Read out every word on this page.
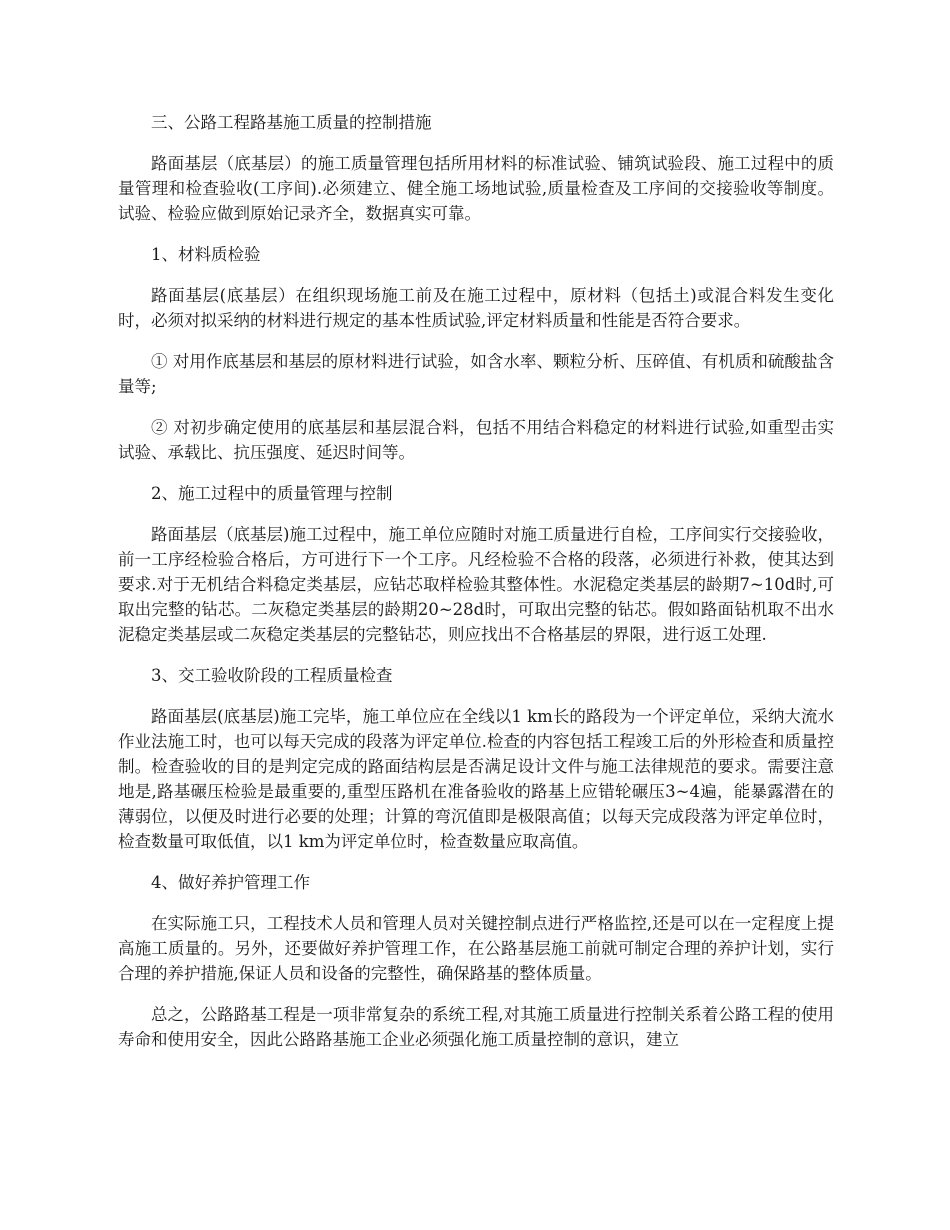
三、公路工程路基施工质量的控制措施

路面基层（底基层）的施工质量管理包括所用材料的标准试验、铺筑试验段、施工过程中的质量管理和检查验收(工序间).必须建立、健全施工场地试验,质量检查及工序间的交接验收等制度。试验、检验应做到原始记录齐全，数据真实可靠。

1、材料质检验

路面基层(底基层）在组织现场施工前及在施工过程中，原材料（包括土)或混合料发生变化时，必须对拟采纳的材料进行规定的基本性质试验,评定材料质量和性能是否符合要求。

① 对用作底基层和基层的原材料进行试验，如含水率、颗粒分析、压碎值、有机质和硫酸盐含量等;

② 对初步确定使用的底基层和基层混合料，包括不用结合料稳定的材料进行试验,如重型击实试验、承载比、抗压强度、延迟时间等。

2、施工过程中的质量管理与控制

路面基层（底基层)施工过程中，施工单位应随时对施工质量进行自检，工序间实行交接验收，前一工序经检验合格后，方可进行下一个工序。凡经检验不合格的段落，必须进行补救，使其达到要求.对于无机结合料稳定类基层，应钻芯取样检验其整体性。水泥稳定类基层的龄期7~10d时,可取出完整的钻芯。二灰稳定类基层的龄期20~28d时，可取出完整的钻芯。假如路面钻机取不出水泥稳定类基层或二灰稳定类基层的完整钻芯，则应找出不合格基层的界限，进行返工处理.

3、交工验收阶段的工程质量检查

路面基层(底基层)施工完毕，施工单位应在全线以1 km长的路段为一个评定单位，采纳大流水作业法施工时，也可以每天完成的段落为评定单位.检查的内容包括工程竣工后的外形检查和质量控制。检查验收的目的是判定完成的路面结构层是否满足设计文件与施工法律规范的要求。需要注意地是,路基碾压检验是最重要的,重型压路机在准备验收的路基上应错轮碾压3~4遍，能暴露潜在的薄弱位，以便及时进行必要的处理；计算的弯沉值即是极限高值；以每天完成段落为评定单位时，检查数量可取低值，以1 km为评定单位时，检查数量应取高值。

4、做好养护管理工作

在实际施工只，工程技术人员和管理人员对关键控制点进行严格监控,还是可以在一定程度上提高施工质量的。另外，还要做好养护管理工作，在公路基层施工前就可制定合理的养护计划，实行合理的养护措施,保证人员和设备的完整性，确保路基的整体质量。

总之，公路路基工程是一项非常复杂的系统工程,对其施工质量进行控制关系着公路工程的使用寿命和使用安全，因此公路路基施工企业必须强化施工质量控制的意识，建立
